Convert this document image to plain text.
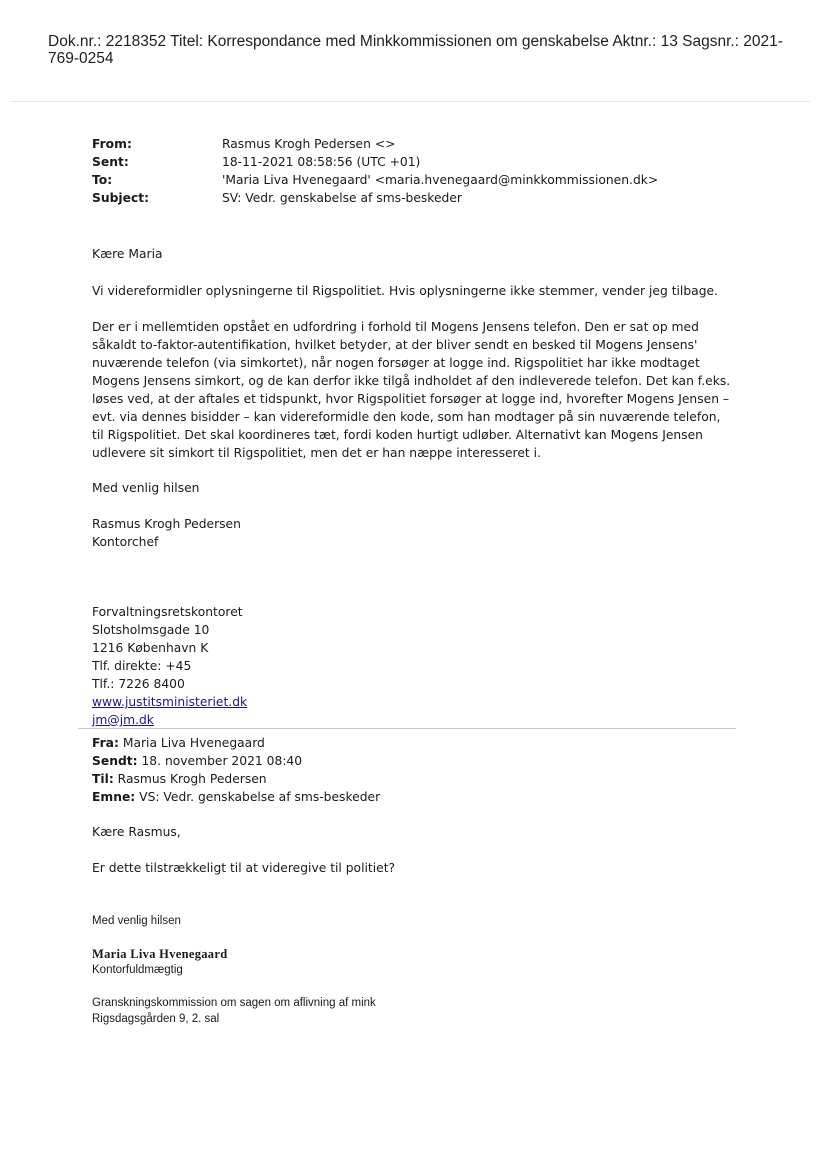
Dok.nr.: 2218352 Titel: Korrespondance med Minkkommissionen om genskabelse Aktnr.: 13 Sagsnr.: 2021-769-0254
From:	Rasmus Krogh Pedersen <>
Sent:	18-11-2021 08:58:56 (UTC +01)
To:	'Maria Liva Hvenegaard' <maria.hvenegaard@minkkommissionen.dk>
Subject:	SV: Vedr. genskabelse af sms-beskeder
Kære Maria
Vi videreformidler oplysningerne til Rigspolitiet. Hvis oplysningerne ikke stemmer, vender jeg tilbage.
Der er i mellemtiden opstået en udfordring i forhold til Mogens Jensens telefon. Den er sat op med såkaldt to-faktor-autentifikation, hvilket betyder, at der bliver sendt en besked til Mogens Jensens' nuværende telefon (via simkortet), når nogen forsøger at logge ind. Rigspolitiet har ikke modtaget Mogens Jensens simkort, og de kan derfor ikke tilgå indholdet af den indleverede telefon. Det kan f.eks. løses ved, at der aftales et tidspunkt, hvor Rigspolitiet forsøger at logge ind, hvorefter Mogens Jensen – evt. via dennes bisidder – kan videreformidle den kode, som han modtager på sin nuværende telefon, til Rigspolitiet. Det skal koordineres tæt, fordi koden hurtigt udløber. Alternativt kan Mogens Jensen udlevere sit simkort til Rigspolitiet, men det er han næppe interesseret i.
Med venlig hilsen
Rasmus Krogh Pedersen
Kontorchef
Forvaltningsretskontoret
Slotsholmsgade 10
1216 København K
Tlf. direkte: +45
Tlf.: 7226 8400
www.justitsministeriet.dk
jm@jm.dk
Fra: Maria Liva Hvenegaard
Sendt: 18. november 2021 08:40
Til: Rasmus Krogh Pedersen
Emne: VS: Vedr. genskabelse af sms-beskeder
Kære Rasmus,
Er dette tilstrækkeligt til at videregive til politiet?
Med venlig hilsen
Maria Liva Hvenegaard
Kontorfuldmægtig
Granskningskommission om sagen om aflivning af mink
Rigsdagsgården 9, 2. sal
